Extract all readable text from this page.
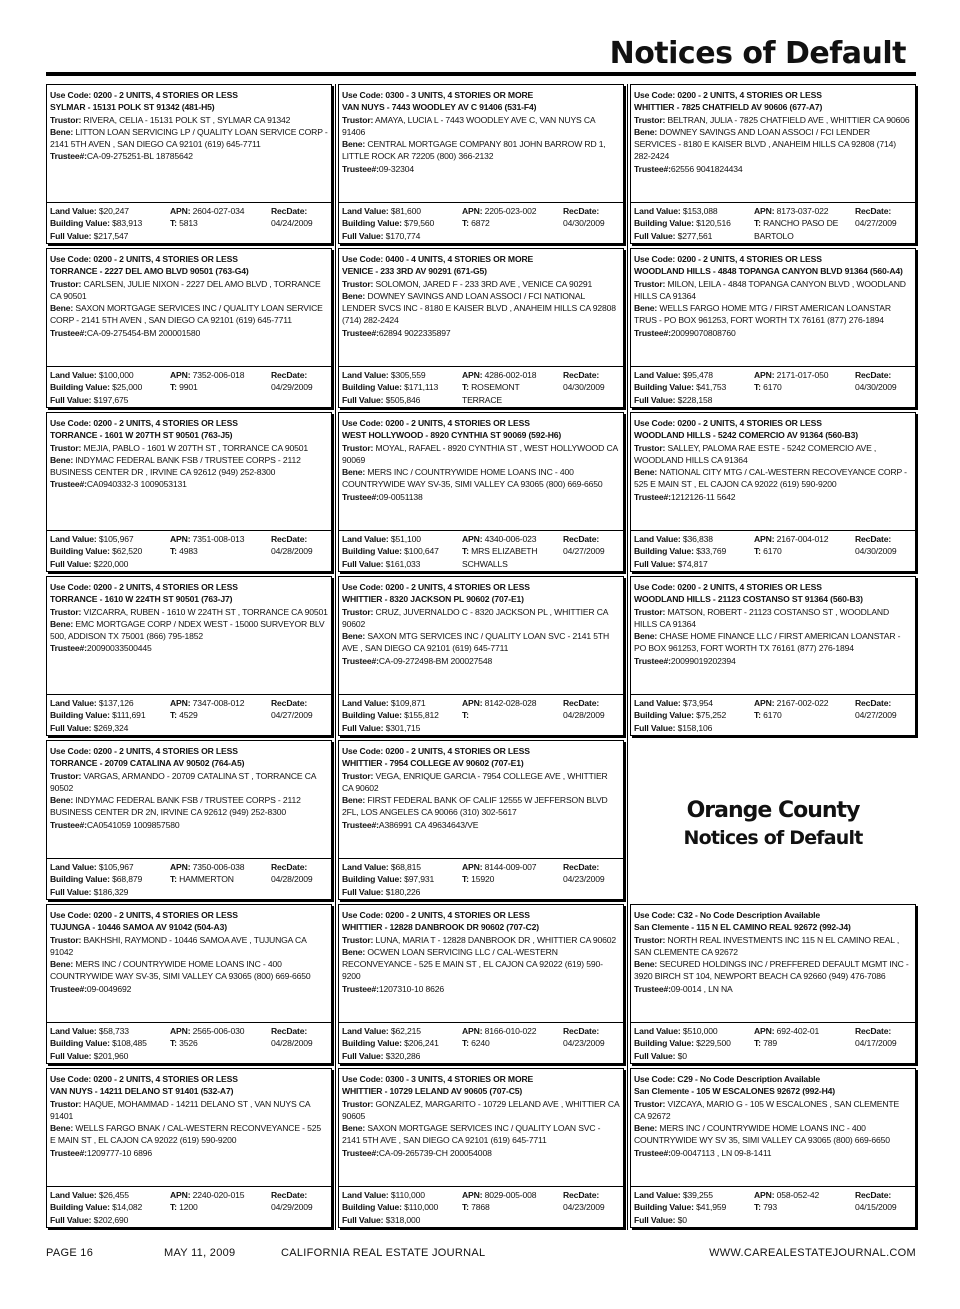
Notices of Default
Use Code: 0200 - 2 UNITS, 4 STORIES OR LESS
SYLMAR - 15131 POLK ST 91342 (481-H5)
Trustor: RIVERA, CELIA - 15131 POLK ST , SYLMAR CA 91342
Bene: LITTON LOAN SERVICING LP / QUALITY LOAN SERVICE CORP - 2141 5TH AVEN , SAN DIEGO CA 92101 (619) 645-7711
Trustee#:CA-09-275251-BL 18785642
Land Value: $20,247
Building Value: $83,913
Full Value: $217,547
APN: 2604-027-034
T: 5813
RecDate:
04/24/2009
Use Code: 0300 - 3 UNITS, 4 STORIES OR MORE
VAN NUYS - 7443 WOODLEY AV C 91406 (531-F4)
Trustor: AMAYA, LUCIA L - 7443 WOODLEY AVE C, VAN NUYS CA 91406
Bene: CENTRAL MORTGAGE COMPANY 801 JOHN BARROW RD 1, LITTLE ROCK AR 72205 (800) 366-2132
Trustee#:09-32304
Land Value: $81,600
Building Value: $79,560
Full Value: $170,774
APN: 2205-023-002
T: 6872
RecDate:
04/30/2009
Use Code: 0200 - 2 UNITS, 4 STORIES OR LESS
WHITTIER - 7825 CHATFIELD AV 90606 (677-A7)
Trustor: BELTRAN, JULIA - 7825 CHATFIELD AVE , WHITTIER CA 90606
Bene: DOWNEY SAVINGS AND LOAN ASSOCI / FCI LENDER SERVICES - 8180 E KAISER BLVD , ANAHEIM HILLS CA 92808 (714) 282-2424
Trustee#:62556 9041824434
Land Value: $153,088
Building Value: $120,516
Full Value: $277,561
APN: 8173-037-022
T: RANCHO PASO DE BARTOLO
RecDate:
04/27/2009
Use Code: 0200 - 2 UNITS, 4 STORIES OR LESS
TORRANCE - 2227 DEL AMO BLVD 90501 (763-G4)
Trustor: CARLSEN, JULIE NIXON - 2227 DEL AMO BLVD , TORRANCE CA 90501
Bene: SAXON MORTGAGE SERVICES INC / QUALITY LOAN SERVICE CORP - 2141 5TH AVEN , SAN DIEGO CA 92101 (619) 645-7711
Trustee#:CA-09-275454-BM 200001580
Land Value: $100,000
Building Value: $25,000
Full Value: $197,675
APN: 7352-006-018
T: 9901
RecDate:
04/29/2009
Use Code: 0400 - 4 UNITS, 4 STORIES OR MORE
VENICE - 233 3RD AV 90291 (671-G5)
Trustor: SOLOMON, JARED F - 233 3RD AVE , VENICE CA 90291
Bene: DOWNEY SAVINGS AND LOAN ASSOCI / FCI NATIONAL LENDER SVCS INC - 8180 E KAISER BLVD , ANAHEIM HILLS CA 92808 (714) 282-2424
Trustee#:62894 9022335897
Land Value: $305,559
Building Value: $171,113
Full Value: $505,846
APN: 4286-002-018
T: ROSEMONT TERRACE
RecDate:
04/30/2009
Use Code: 0200 - 2 UNITS, 4 STORIES OR LESS
WOODLAND HILLS - 4848 TOPANGA CANYON BLVD 91364 (560-A4)
Trustor: MILON, LEILA - 4848 TOPANGA CANYON BLVD , WOODLAND HILLS CA 91364
Bene: WELLS FARGO HOME MTG / FIRST AMERICAN LOANSTAR TRUS - PO BOX 961253, FORT WORTH TX 76161 (877) 276-1894
Trustee#:20099070808760
Land Value: $95,478
Building Value: $41,753
Full Value: $228,158
APN: 2171-017-050
T: 6170
RecDate:
04/30/2009
Use Code: 0200 - 2 UNITS, 4 STORIES OR LESS
TORRANCE - 1601 W 207TH ST 90501 (763-J5)
Trustor: MEJIA, PABLO - 1601 W 207TH ST , TORRANCE CA 90501
Bene: INDYMAC FEDERAL BANK FSB / TRUSTEE CORPS - 2112 BUSINESS CENTER DR , IRVINE CA 92612 (949) 252-8300
Trustee#:CA0940332-3 1009053131
Land Value: $105,967
Building Value: $62,520
Full Value: $220,000
APN: 7351-008-013
T: 4983
RecDate:
04/28/2009
Use Code: 0200 - 2 UNITS, 4 STORIES OR LESS
WEST HOLLYWOOD - 8920 CYNTHIA ST 90069 (592-H6)
Trustor: MOYAL, RAFAEL - 8920 CYNTHIA ST , WEST HOLLYWOOD CA 90069
Bene: MERS INC / COUNTRYWIDE HOME LOANS INC - 400 COUNTRYWIDE WAY SV-35, SIMI VALLEY CA 93065 (800) 669-6650
Trustee#:09-0051138
Land Value: $51,100
Building Value: $100,647
Full Value: $161,033
APN: 4340-006-023
T: MRS ELIZABETH SCHWALLS
RecDate:
04/27/2009
Use Code: 0200 - 2 UNITS, 4 STORIES OR LESS
WOODLAND HILLS - 5242 COMERCIO AV 91364 (560-B3)
Trustor: SALLEY, PALOMA RAE ESTE - 5242 COMERCIO AVE , WOODLAND HILLS CA 91364
Bene: NATIONAL CITY MTG / CAL-WESTERN RECOVEYANCE CORP - 525 E MAIN ST , EL CAJON CA 92022 (619) 590-9200
Trustee#:1212126-11 5642
Land Value: $36,838
Building Value: $33,769
Full Value: $74,817
APN: 2167-004-012
T: 6170
RecDate:
04/30/2009
Use Code: 0200 - 2 UNITS, 4 STORIES OR LESS
TORRANCE - 1610 W 224TH ST 90501 (763-J7)
Trustor: VIZCARRA, RUBEN - 1610 W 224TH ST , TORRANCE CA 90501
Bene: EMC MORTGAGE CORP / NDEX WEST - 15000 SURVEYOR BLV 500, ADDISON TX 75001 (866) 795-1852
Trustee#:20090033500445
Land Value: $137,126
Building Value: $111,691
Full Value: $269,324
APN: 7347-008-012
T: 4529
RecDate:
04/27/2009
Use Code: 0200 - 2 UNITS, 4 STORIES OR LESS
WHITTIER - 8320 JACKSON PL 90602 (707-E1)
Trustor: CRUZ, JUVERNALDO C - 8320 JACKSON PL , WHITTIER CA 90602
Bene: SAXON MTG SERVICES INC / QUALITY LOAN SVC - 2141 5TH AVE , SAN DIEGO CA 92101 (619) 645-7711
Trustee#:CA-09-272498-BM 200027548
Land Value: $109,871
Building Value: $155,812
Full Value: $301,715
APN: 8142-028-028
T:
RecDate:
04/28/2009
Use Code: 0200 - 2 UNITS, 4 STORIES OR LESS
WOODLAND HILLS - 21123 COSTANSO ST 91364 (560-B3)
Trustor: MATSON, ROBERT - 21123 COSTANSO ST , WOODLAND HILLS CA 91364
Bene: CHASE HOME FINANCE LLC / FIRST AMERICAN LOANSTAR - PO BOX 961253, FORT WORTH TX 76161 (877) 276-1894
Trustee#:20099019202394
Land Value: $73,954
Building Value: $75,252
Full Value: $158,106
APN: 2167-002-022
T: 6170
RecDate:
04/27/2009
Use Code: 0200 - 2 UNITS, 4 STORIES OR LESS
TORRANCE - 20709 CATALINA AV 90502 (764-A5)
Trustor: VARGAS, ARMANDO - 20709 CATALINA ST , TORRANCE CA 90502
Bene: INDYMAC FEDERAL BANK FSB / TRUSTEE CORPS - 2112 BUSINESS CENTER DR 2N, IRVINE CA 92612 (949) 252-8300
Trustee#:CA0541059 1009857580
Land Value: $105,967
Building Value: $68,879
Full Value: $186,329
APN: 7350-006-038
T: HAMMERTON
RecDate:
04/28/2009
Use Code: 0200 - 2 UNITS, 4 STORIES OR LESS
WHITTIER - 7954 COLLEGE AV 90602 (707-E1)
Trustor: VEGA, ENRIQUE GARCIA - 7954 COLLEGE AVE , WHITTIER CA 90602
Bene: FIRST FEDERAL BANK OF CALIF 12555 W JEFFERSON BLVD 2FL, LOS ANGELES CA 90066 (310) 302-5617
Trustee#:A386991 CA 49634643/VE
Land Value: $68,815
Building Value: $97,931
Full Value: $180,226
APN: 8144-009-007
T: 15920
RecDate:
04/23/2009
Orange County
Notices of Default
Use Code: 0200 - 2 UNITS, 4 STORIES OR LESS
TUJUNGA - 10446 SAMOA AV 91042 (504-A3)
Trustor: BAKHSHI, RAYMOND - 10446 SAMOA AVE , TUJUNGA CA 91042
Bene: MERS INC / COUNTRYWIDE HOME LOANS INC - 400 COUNTRYWIDE WAY SV-35, SIMI VALLEY CA 93065 (800) 669-6650
Trustee#:09-0049692
Land Value: $58,733
Building Value: $108,485
Full Value: $201,960
APN: 2565-006-030
T: 3526
RecDate:
04/28/2009
Use Code: 0200 - 2 UNITS, 4 STORIES OR LESS
WHITTIER - 12828 DANBROOK DR 90602 (707-C2)
Trustor: LUNA, MARIA T - 12828 DANBROOK DR , WHITTIER CA 90602
Bene: OCWEN LOAN SERVICING LLC / CAL-WESTERN RECONVEYANCE - 525 E MAIN ST , EL CAJON CA 92022 (619) 590-9200
Trustee#:1207310-10 8626
Land Value: $62,215
Building Value: $206,241
Full Value: $320,286
APN: 8166-010-022
T: 6240
RecDate:
04/23/2009
Use Code: C32 - No Code Description Available
San Clemente - 115 N EL CAMINO REAL 92672 (992-J4)
Trustor: NORTH REAL INVESTMENTS INC 115 N EL CAMINO REAL , SAN CLEMENTE CA 92672
Bene: SECURED HOLDINGS INC / PREFFERED DEFAULT MGMT INC - 3920 BIRCH ST 104, NEWPORT BEACH CA 92660 (949) 476-7086
Trustee#:09-0014 , LN NA
Land Value: $510,000
Building Value: $229,500
Full Value: $0
APN: 692-402-01
T: 789
RecDate:
04/17/2009
Use Code: 0200 - 2 UNITS, 4 STORIES OR LESS
VAN NUYS - 14211 DELANO ST 91401 (532-A7)
Trustor: HAQUE, MOHAMMAD - 14211 DELANO ST , VAN NUYS CA 91401
Bene: WELLS FARGO BNAK / CAL-WESTERN RECONVEYANCE - 525 E MAIN ST , EL CAJON CA 92022 (619) 590-9200
Trustee#:1209777-10 6896
Land Value: $26,455
Building Value: $14,082
Full Value: $202,690
APN: 2240-020-015
T: 1200
RecDate:
04/29/2009
Use Code: 0300 - 3 UNITS, 4 STORIES OR MORE
WHITTIER - 10729 LELAND AV 90605 (707-C5)
Trustor: GONZALEZ, MARGARITO - 10729 LELAND AVE , WHITTIER CA 90605
Bene: SAXON MORTGAGE SERVICES INC / QUALITY LOAN SVC - 2141 5TH AVE , SAN DIEGO CA 92101 (619) 645-7711
Trustee#:CA-09-265739-CH 200054008
Land Value: $110,000
Building Value: $110,000
Full Value: $318,000
APN: 8029-005-008
T: 7868
RecDate:
04/23/2009
Use Code: C29 - No Code Description Available
San Clemente - 105 W ESCALONES 92672 (992-H4)
Trustor: VIZCAYA, MARIO G - 105 W ESCALONES , SAN CLEMENTE CA 92672
Bene: MERS INC / COUNTRYWIDE HOME LOANS INC - 400 COUNTRYWIDE WY SV 35, SIMI VALLEY CA 93065 (800) 669-6650
Trustee#:09-0047113 , LN 09-8-1411
Land Value: $39,255
Building Value: $41,959
Full Value: $0
APN: 058-052-42
T: 793
RecDate:
04/15/2009
PAGE 16	MAY 11, 2009	CALIFORNIA REAL ESTATE JOURNAL	WWW.CAREALESTATEJOURNAL.COM
